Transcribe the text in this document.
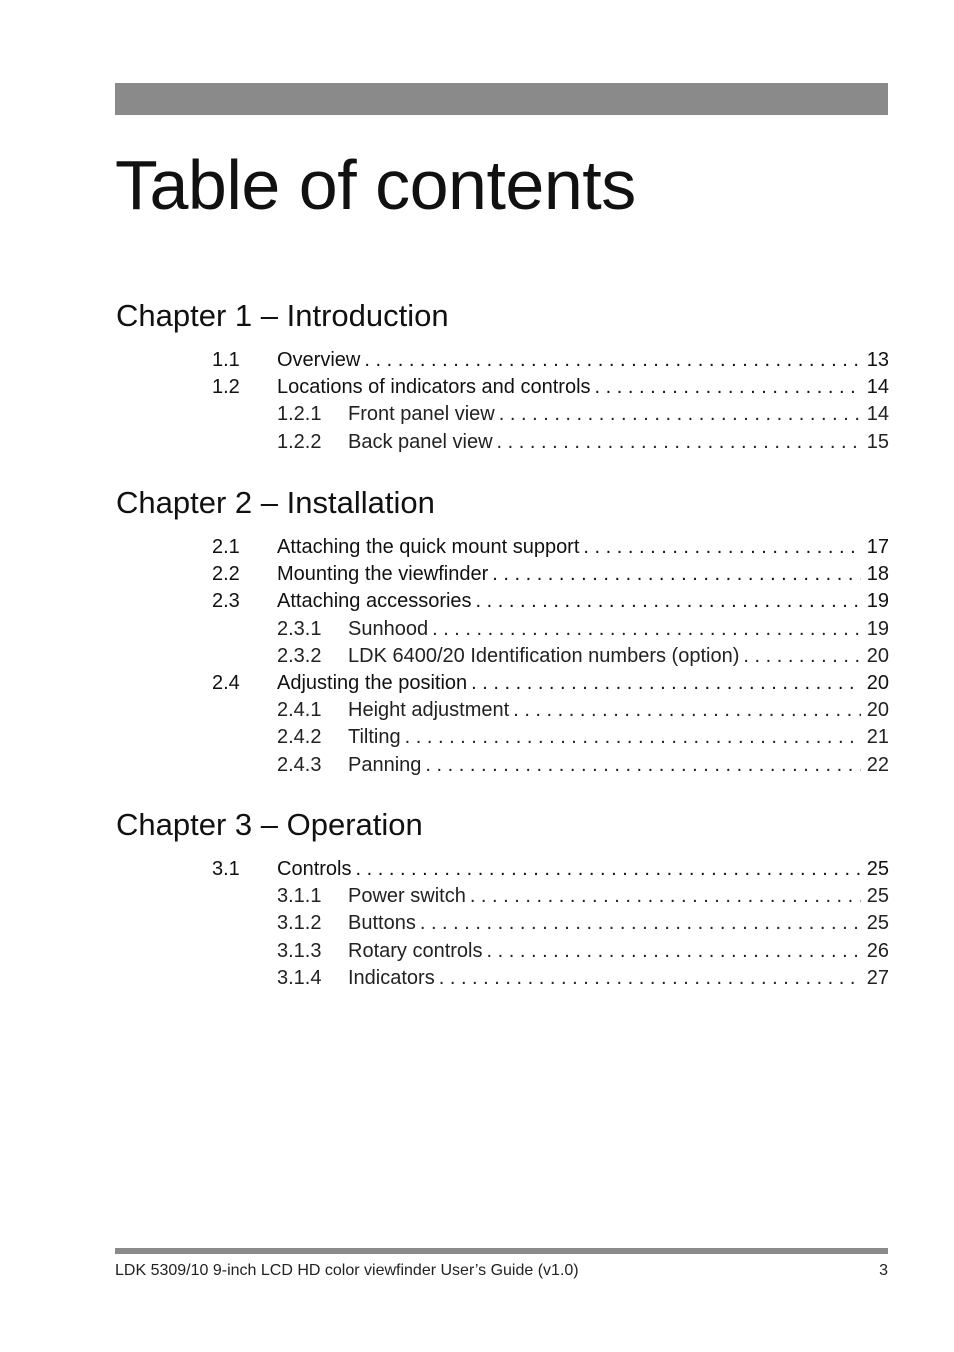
Table of contents
Chapter 1 – Introduction
1.1 Overview . . .	13
1.2 Locations of indicators and controls . . .	14
1.2.1 Front panel view . . .	14
1.2.2 Back panel view . . .	15
Chapter 2 – Installation
2.1 Attaching the quick mount support . . .	17
2.2 Mounting the viewfinder . . .	18
2.3 Attaching accessories . . .	19
2.3.1 Sunhood . . .	19
2.3.2 LDK 6400/20 Identification numbers (option) . . .	20
2.4 Adjusting the position . . .	20
2.4.1 Height adjustment . . .	20
2.4.2 Tilting . . .	21
2.4.3 Panning . . .	22
Chapter 3 – Operation
3.1 Controls . . .	25
3.1.1 Power switch . . .	25
3.1.2 Buttons . . .	25
3.1.3 Rotary controls . . .	26
3.1.4 Indicators . . .	27
LDK 5309/10 9-inch LCD HD color viewfinder User’s Guide (v1.0)	3
